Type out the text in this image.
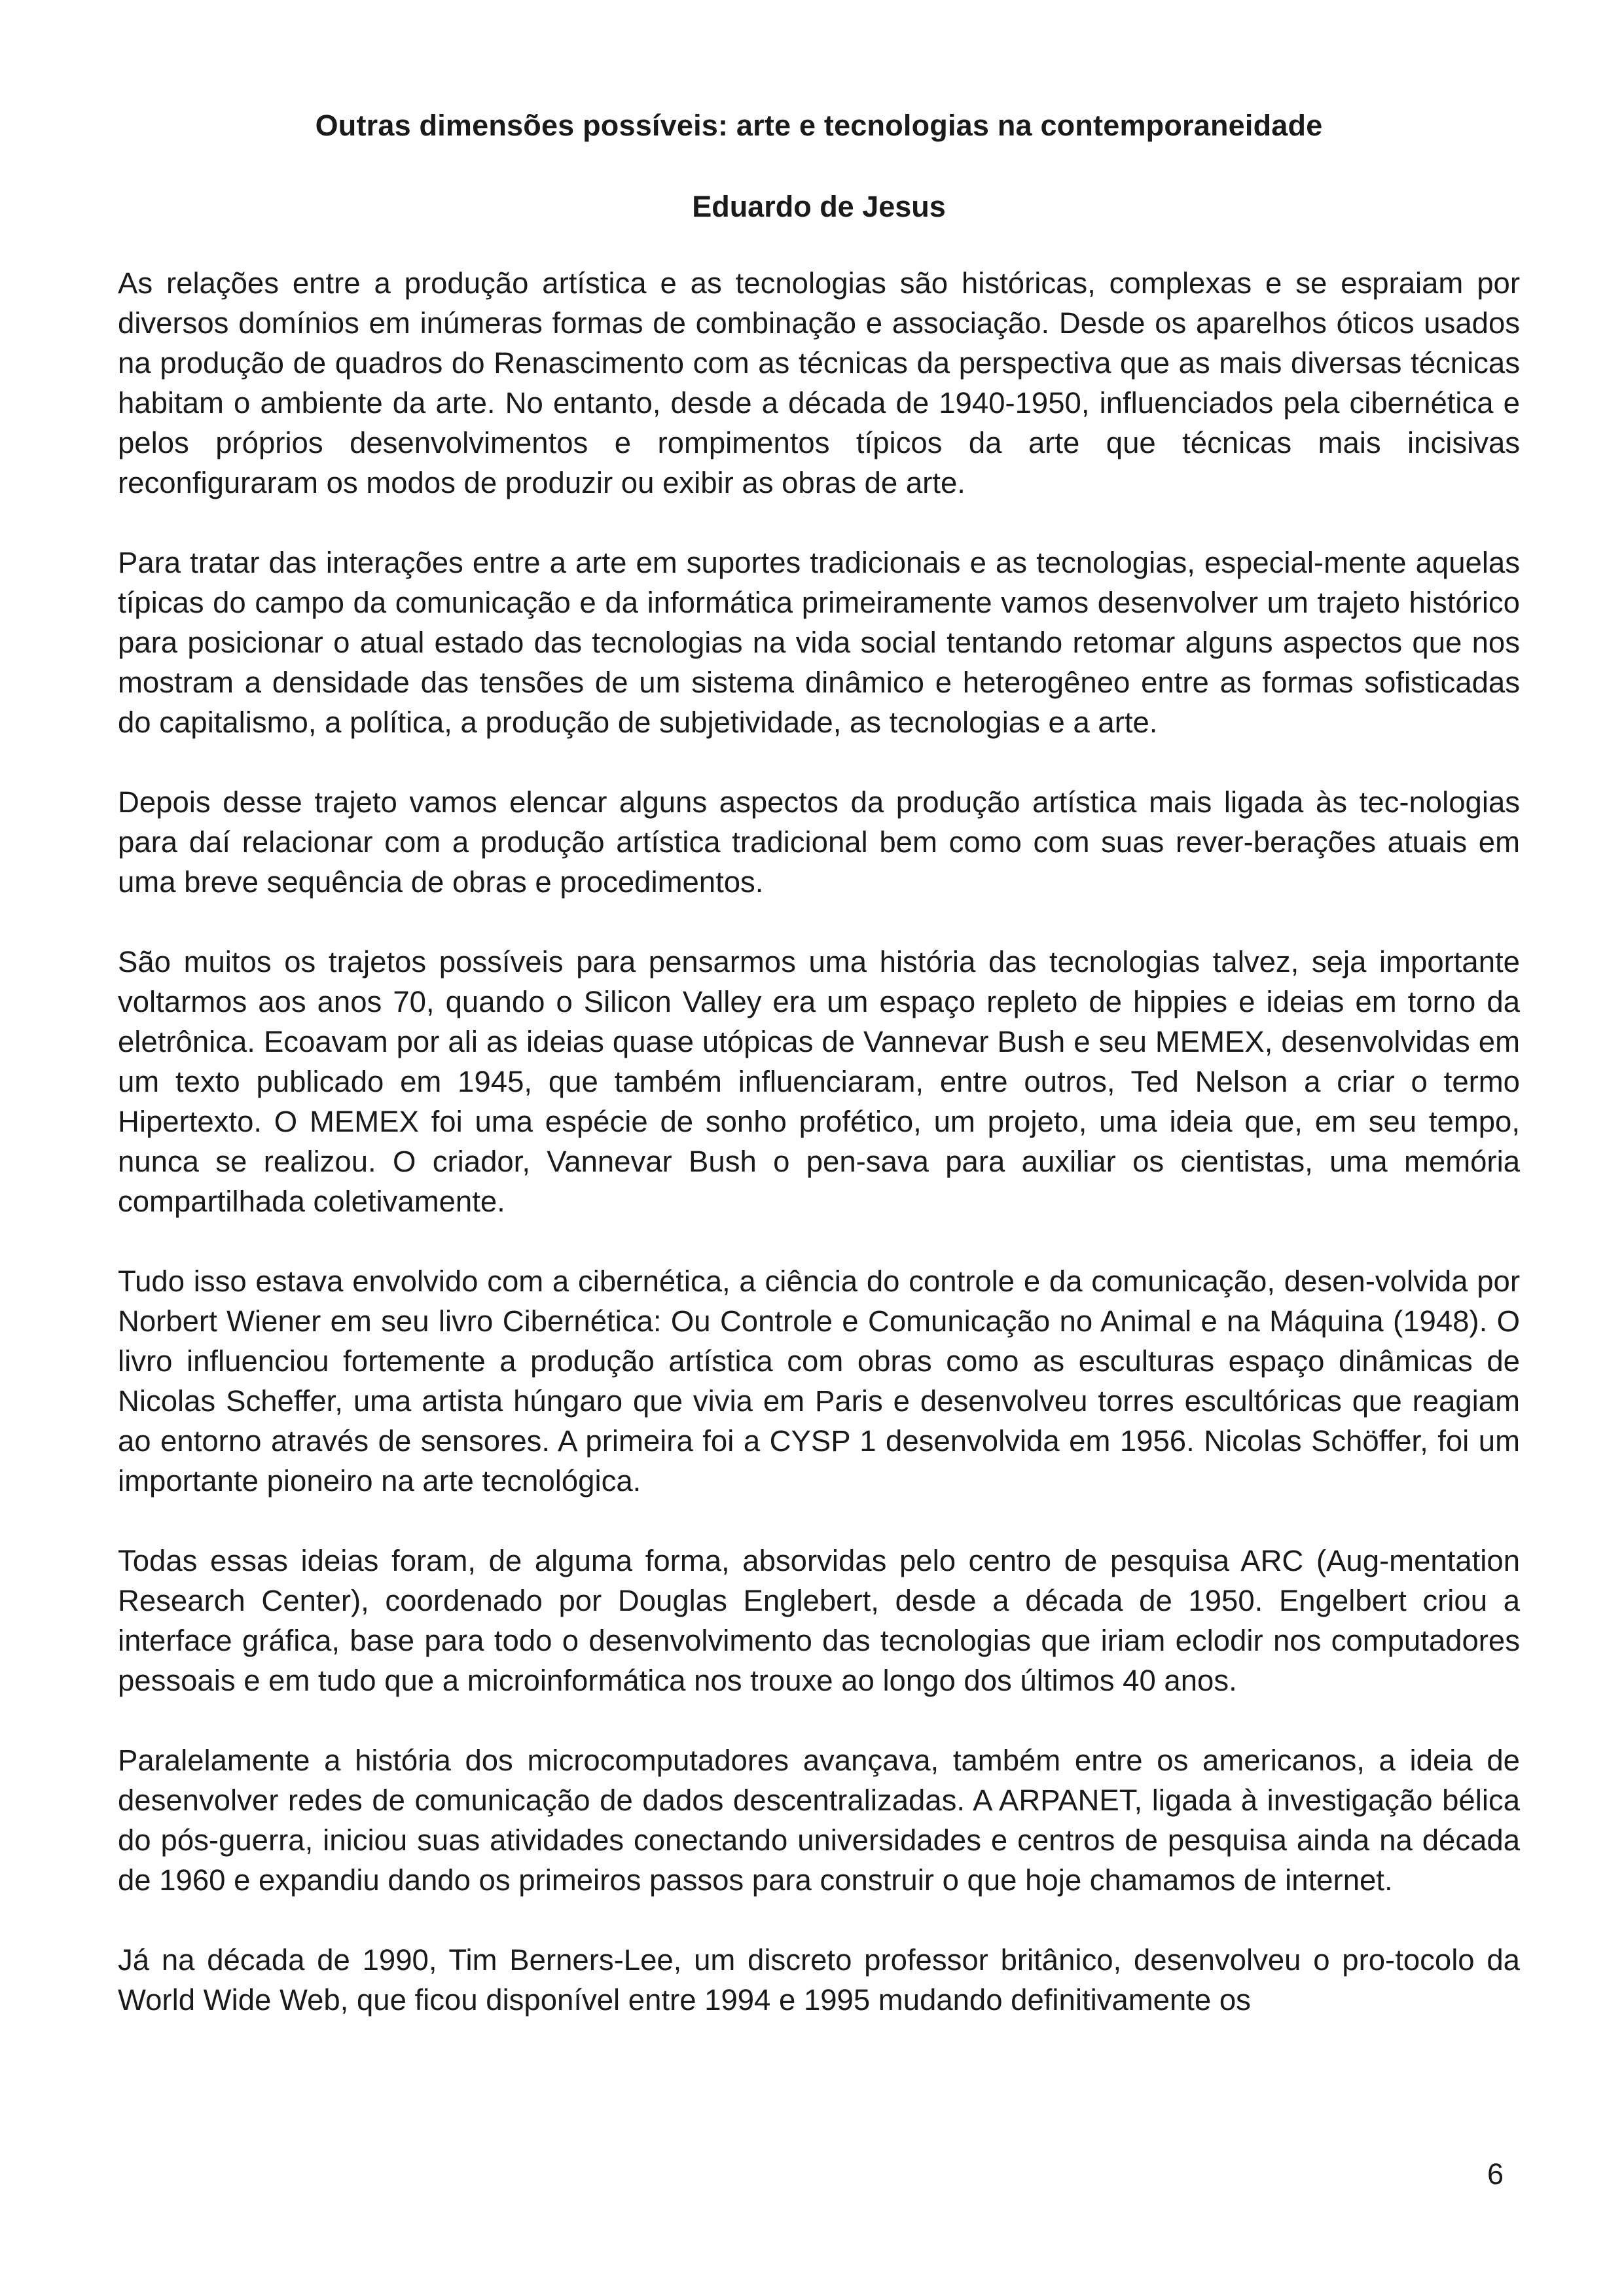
Outras dimensões possíveis: arte e tecnologias na contemporaneidade
Eduardo de Jesus

As relações entre a produção artística e as tecnologias são históricas, complexas e se espraiam por diversos domínios em inúmeras formas de combinação e associação. Desde os aparelhos óticos usados na produção de quadros do Renascimento com as técnicas da perspectiva que as mais diversas técnicas habitam o ambiente da arte. No entanto, desde a década de 1940-1950, influenciados pela cibernética e pelos próprios desenvolvimentos e rompimentos típicos da arte que técnicas mais incisivas reconfiguraram os modos de produzir ou exibir as obras de arte.

Para tratar das interações entre a arte em suportes tradicionais e as tecnologias, especial-mente aquelas típicas do campo da comunicação e da informática primeiramente vamos desenvolver um trajeto histórico para posicionar o atual estado das tecnologias na vida social tentando retomar alguns aspectos que nos mostram a densidade das tensões de um sistema dinâmico e heterogêneo entre as formas sofisticadas do capitalismo, a política, a produção de subjetividade, as tecnologias e a arte.

Depois desse trajeto vamos elencar alguns aspectos da produção artística mais ligada às tec-nologias para daí relacionar com a produção artística tradicional bem como com suas rever-berações atuais em uma breve sequência de obras e procedimentos.

São muitos os trajetos possíveis para pensarmos uma história das tecnologias talvez, seja importante voltarmos aos anos 70, quando o Silicon Valley era um espaço repleto de hippies e ideias em torno da eletrônica. Ecoavam por ali as ideias quase utópicas de Vannevar Bush e seu MEMEX, desenvolvidas em um texto publicado em 1945, que também influenciaram, entre outros, Ted Nelson a criar o termo Hipertexto. O MEMEX foi uma espécie de sonho profético, um projeto, uma ideia que, em seu tempo, nunca se realizou. O criador, Vannevar Bush o pen-sava para auxiliar os cientistas, uma memória compartilhada coletivamente.

Tudo isso estava envolvido com a cibernética, a ciência do controle e da comunicação, desen-volvida por Norbert Wiener em seu livro Cibernética: Ou Controle e Comunicação no Animal e na Máquina (1948). O livro influenciou fortemente a produção artística com obras como as esculturas espaço dinâmicas de Nicolas Scheffer, uma artista húngaro que vivia em Paris e desenvolveu torres escultóricas que reagiam ao entorno através de sensores. A primeira foi a CYSP 1 desenvolvida em 1956. Nicolas Schöffer, foi um importante pioneiro na arte tecnológica.

Todas essas ideias foram, de alguma forma, absorvidas pelo centro de pesquisa ARC (Aug-mentation Research Center), coordenado por Douglas Englebert, desde a década de 1950. Engelbert criou a interface gráfica, base para todo o desenvolvimento das tecnologias que iriam eclodir nos computadores pessoais e em tudo que a microinformática nos trouxe ao longo dos últimos 40 anos.

Paralelamente a história dos microcomputadores avançava, também entre os americanos, a ideia de desenvolver redes de comunicação de dados descentralizadas. A ARPANET, ligada à investigação bélica do pós-guerra, iniciou suas atividades conectando universidades e centros de pesquisa ainda na década de 1960 e expandiu dando os primeiros passos para construir o que hoje chamamos de internet.

Já na década de 1990, Tim Berners-Lee, um discreto professor britânico, desenvolveu o pro-tocolo da World Wide Web, que ficou disponível entre 1994 e 1995 mudando definitivamente os

6
